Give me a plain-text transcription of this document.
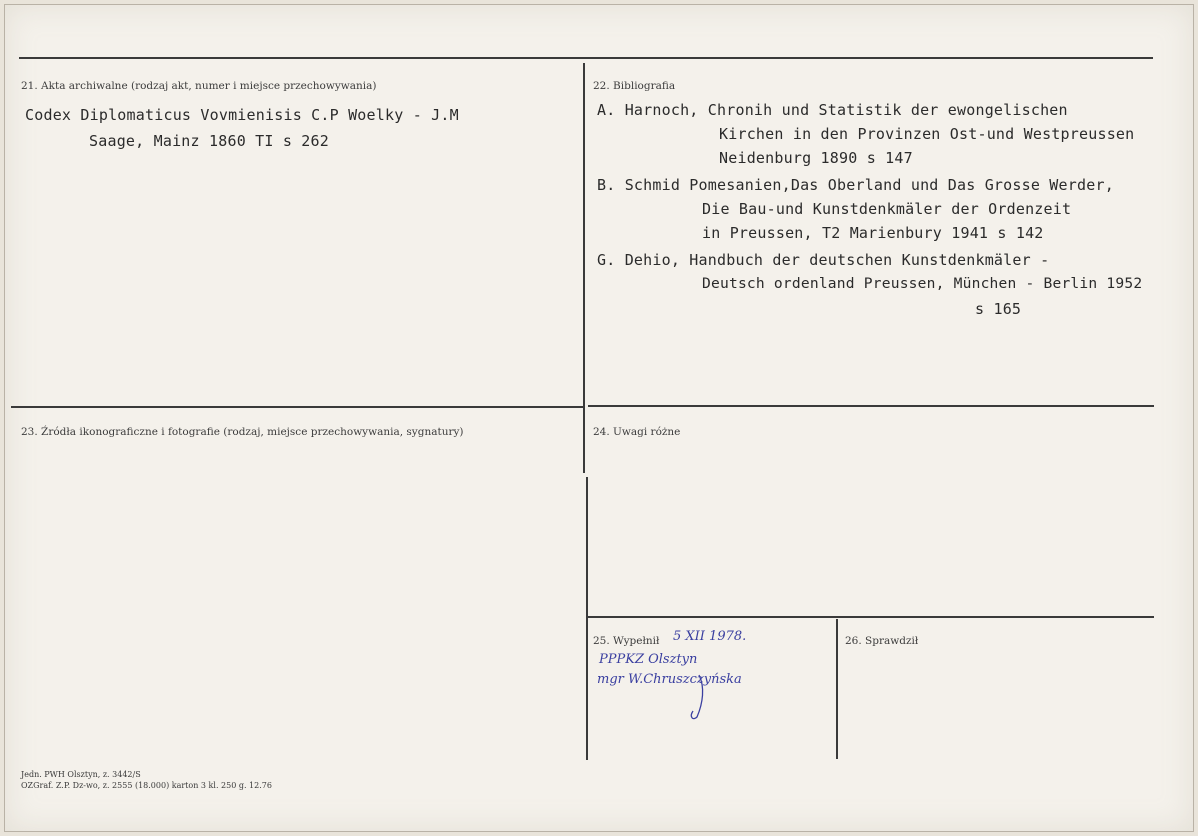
21. Akta archiwalne (rodzaj akt, numer i miejsce przechowywania)
Codex Diplomaticus Vovmienisis C.P Woelky - J.M
Saage, Mainz 1860 TI s 262
22. Bibliografia
A. Harnoch, Chronih und Statistik der ewongelischen
Kirchen in den Provinzen Ost-und Westpreussen
Neidenburg 1890 s 147
B. Schmid Pomesanien,Das Oberland und Das Grosse Werder,
Die Bau-und Kunstdenkmäler der Ordenzeit
in Preussen, T2 Marienbury 1941 s 142
G. Dehio, Handbuch der deutschen Kunstdenkmäler -
Deutsch ordenland Preussen, München - Berlin 1952
s 165
23. Źródła ikonograficzne i fotografie (rodzaj, miejsce przechowywania, sygnatury)	24. Uwagi różne
25. Wypełnił 5 XII 1978.
PPPKZ Olsztyn
mgr W.Chruszczyńska
26. Sprawdził
Jedn. PWH Olsztyn, z. 3442/S
OZGraf. Z.P. Dz-wo, z. 2555 (18.000) karton 3 kl. 250 g. 12.76
